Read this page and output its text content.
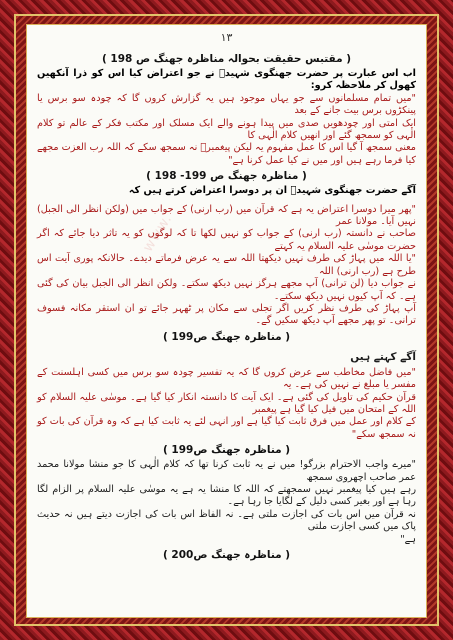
www.
۱۳
( مقتبس حقیقت بحوالہ مناظرہ جھنگ ص 198 )

اب اس عبارت پر حضرت جھنگوی شہیدؒ نے جو اعتراض کیا اس کو ذرا آنکھیں کھول کر ملاحظہ کرو:

"میں تمام مسلمانوں سے جو یہاں موجود ہیں یہ گزارش کروں گا کہ چودہ سو برس یا پینکڑوں برس بیت جانے کے بعد

ایک امتی اور چودھویں صدی میں پیدا ہونے والے ایک مسلک اور مکتب فکر کے عالم تو کلام الٰہی کو سمجھ گئے اور انھیں کلام الٰہی کا

معنی سمجھ آ گیا اس کا عمل مفہوم یہ لیکن پیغمبرؐ نہ سمجھ سکے کہ اللہ رب العزت مجھے کیا فرما رہے ہیں اور میں نے کیا عمل کرنا ہے"

( مناظرہ جھنگ ص 199- 198 )

آگے حضرت جھنگوی شہیدؒ ان پر دوسرا اعتراض کرتے ہیں کہ

"پھر میرا دوسرا اعتراض یہ ہے کہ قرآن میں (رب ارنی) کے جواب میں (ولکن انظر الی الجبل) نہیں آیا۔ مولانا عمر

صاحب نے دانستہ (رب ارنی) کے جواب کو نہیں لکھا تا کہ لوگوں کو یہ تاثر دیا جائے کہ اگر حضرت موسٰی علیہ السلام یہ کہتے

"یا اللہ میں پہاڑ کی طرف نہیں دیکھتا اللہ سے یہ عرض فرماتے دیدے۔ حالانکہ پوری آیت اس طرح ہے (رب ارنی) اللہ

نے جواب دیا (لن ترانی) آپ مجھے ہرگز نہیں دیکھ سکتے۔ ولکن انظر الی الجبل بیان کی گئی ہے۔ کہ آپ کیوں نہیں دیکھ سکتے۔

آپ پہاڑ کی طرف نظر کریں اگر تجلی سے مکان پر ٹھہر جائے تو ان استقر مکانہ فسوف ترانی۔ تو پھر مجھے آپ دیکھ سکیں گے۔

( مناظرہ جھنگ ص199 )
آگے کہتے ہیں

"میں فاضل مخاطب سے عرض کروں گا کہ یہ تفسیر چودہ سو برس میں کسی اہلسنت کے مفسر یا مبلغ نے نہیں کی ہے۔ یہ

قرآن حکیم کی تاویل کی گئی ہے۔ ایک آیت کا دانستہ انکار کیا گیا ہے۔ موسٰی علیہ السلام کو اللہ کے امتحان میں فیل کیا گیا ہے پیغمبر

کے کلام اور عمل میں فرق ثابت کیا گیا ہے اور انہی لئے یہ ثابت کیا ہے کہ وہ قرآن کی بات کو نہ سمجھ سکے"

( مناظرہ جھنگ ص199 )

"میرے واجب الاحترام بزرگو! میں نے یہ ثابت کرنا تھا کہ کلام الٰہی کا جو منشا مولانا محمد عمر صاحب اچھروی سمجھ

رہے ہیں کیا پیغمبر نہیں سمجھتے کہ اللہ کا منشا یہ ہے یہ موسٰی علیہ السلام پر الزام لگا رہا ہے اور بغیر کسی دلیل کے لگایا جا رہا ہے۔

نہ قرآن میں اس بات کی اجازت ملتی ہے۔ نہ الفاظ اس بات کی اجازت دیتے ہیں نہ حدیث پاک میں کسی اجازت ملتی

ہے"

( مناظرہ جھنگ ص200 )
